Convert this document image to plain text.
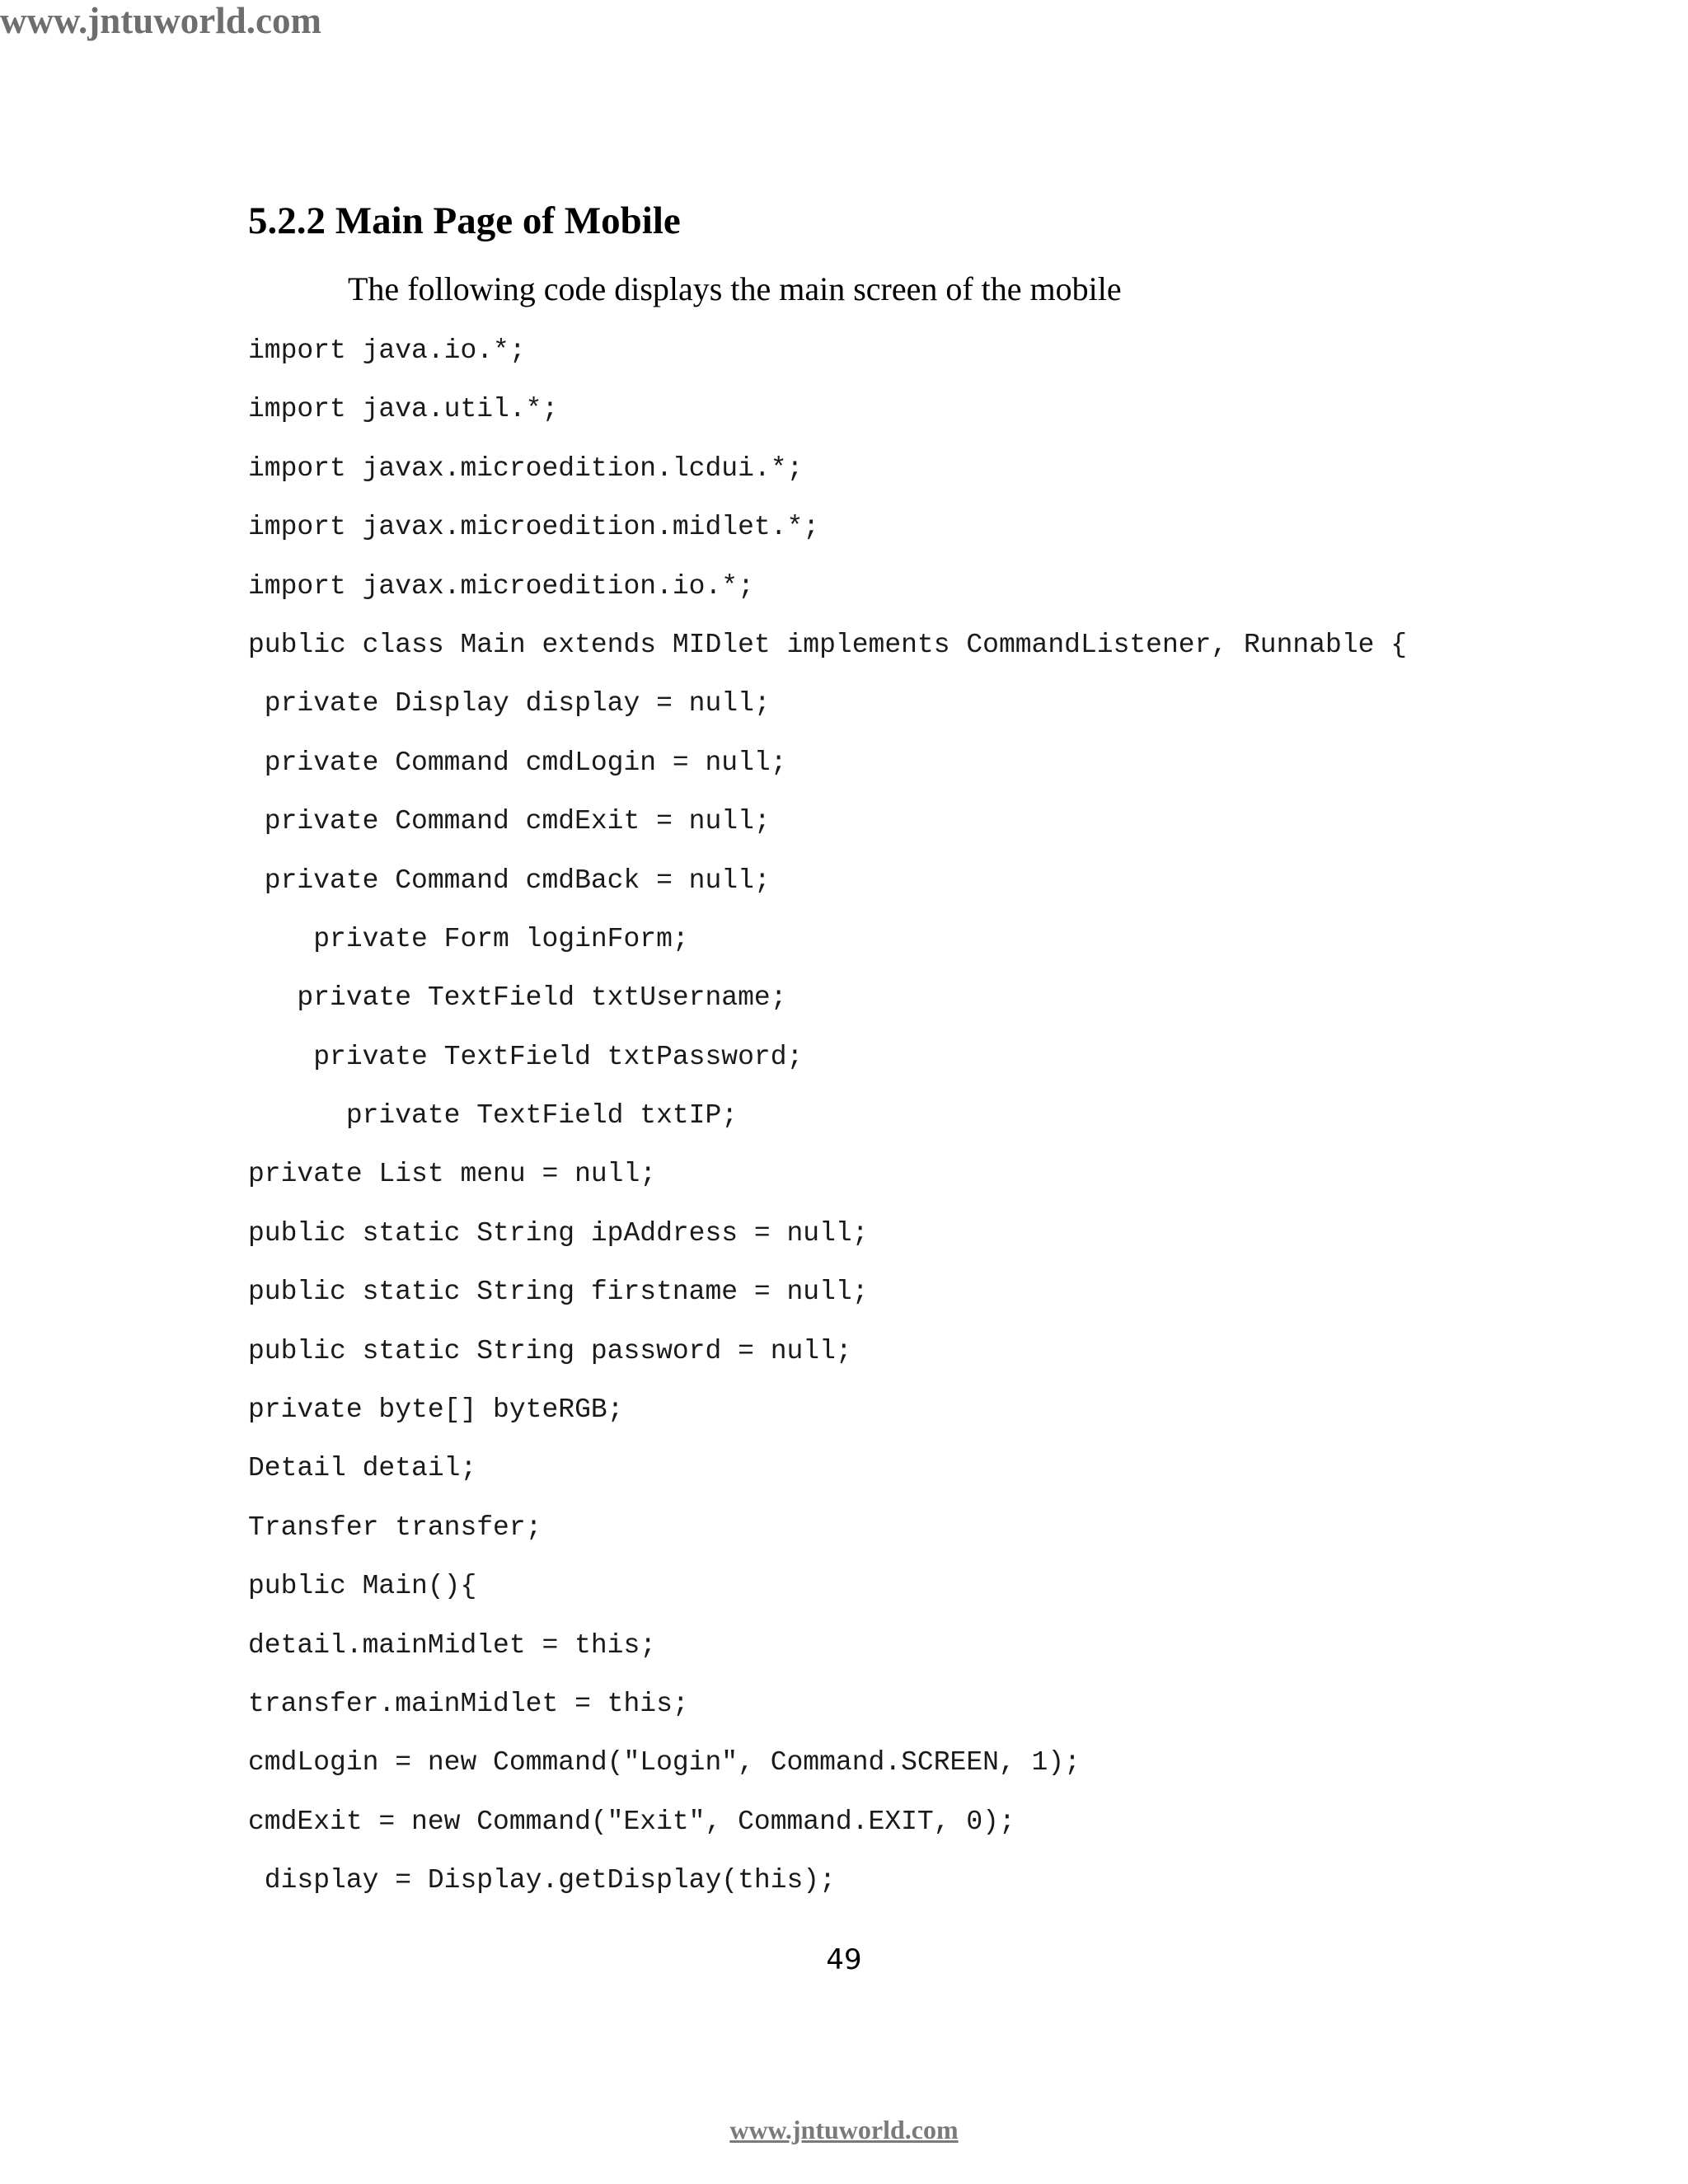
www.jntuworld.com
5.2.2 Main Page of Mobile

The following code displays the main screen of the mobile

import java.io.*;
import java.util.*;
import javax.microedition.lcdui.*;
import javax.microedition.midlet.*;
import javax.microedition.io.*;
public class Main extends MIDlet implements CommandListener, Runnable {
private Display display = null;
private Command cmdLogin = null;
private Command cmdExit = null;
private Command cmdBack = null;
private Form loginForm;
private TextField txtUsername;
private TextField txtPassword;
private TextField txtIP;
private List menu = null;
public static String ipAddress = null;
public static String firstname = null;
public static String password = null;
private byte[] byteRGB;
Detail detail;
Transfer transfer;
public Main(){
detail.mainMidlet = this;
transfer.mainMidlet = this;
cmdLogin = new Command("Login", Command.SCREEN, 1);
cmdExit = new Command("Exit", Command.EXIT, 0);
display = Display.getDisplay(this);
49
www.jntuworld.com
